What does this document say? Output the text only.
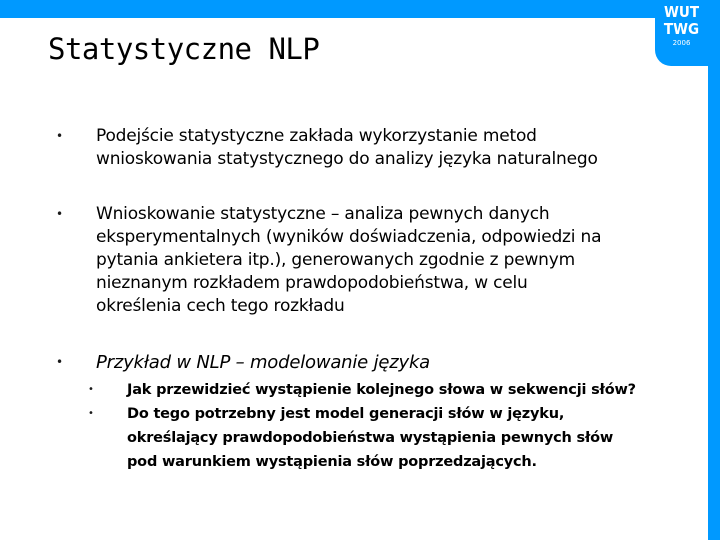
WUT
TWG
2006
Statystyczne NLP
• Podejście statystyczne zakłada wykorzystanie metod
wnioskowania statystycznego do analizy języka naturalnego
• Wnioskowanie statystyczne – analiza pewnych danych
eksperymentalnych (wyników doświadczenia, odpowiedzi na
pytania ankietera itp.), generowanych zgodnie z pewnym
nieznanym rozkładem prawdopodobieństwa, w celu
określenia cech tego rozkładu
• Przykład w NLP – modelowanie języka
• Jak przewidzieć wystąpienie kolejnego słowa w sekwencji słów?
• Do tego potrzebny jest model generacji słów w języku,
określający prawdopodobieństwa wystąpienia pewnych słów
pod warunkiem wystąpienia słów poprzedzających.
